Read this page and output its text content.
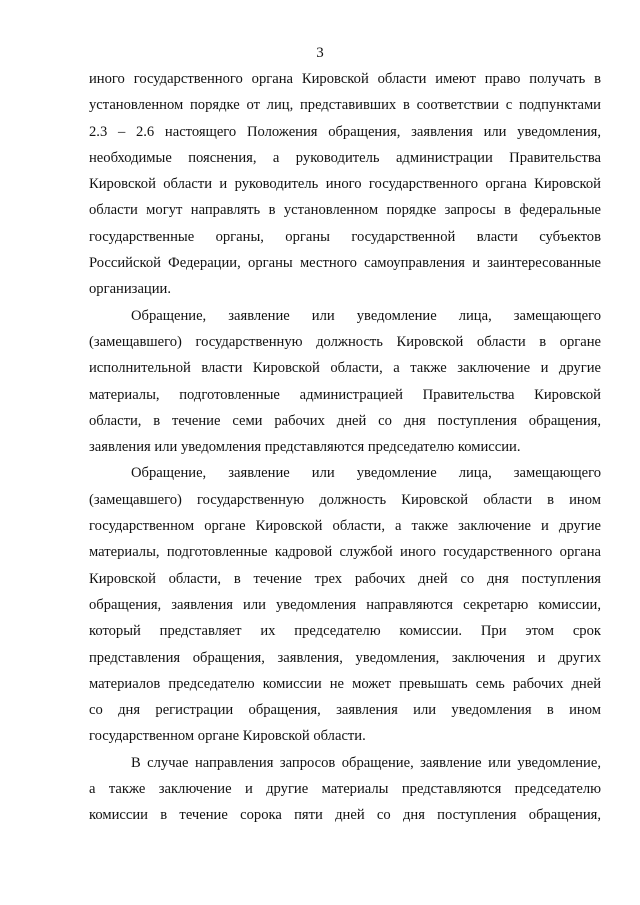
3

иного государственного органа Кировской области имеют право получать в
установленном порядке от лиц, представивших в соответствии с подпунктами
2.3 – 2.6 настоящего Положения обращения, заявления или уведомления,
необходимые пояснения, а руководитель администрации Правительства
Кировской области и руководитель иного государственного органа Кировской
области могут направлять в установленном порядке запросы в федеральные
государственные органы, органы государственной власти субъектов
Российской Федерации, органы местного самоуправления и заинтересованные
организации.

Обращение, заявление или уведомление лица, замещающего
(замещавшего) государственную должность Кировской области в органе
исполнительной власти Кировской области, а также заключение и другие
материалы, подготовленные администрацией Правительства Кировской
области, в течение семи рабочих дней со дня поступления обращения,
заявления или уведомления представляются председателю комиссии.

Обращение, заявление или уведомление лица, замещающего
(замещавшего) государственную должность Кировской области в ином
государственном органе Кировской области, а также заключение и другие
материалы, подготовленные кадровой службой иного государственного органа
Кировской области, в течение трех рабочих дней со дня поступления
обращения, заявления или уведомления направляются секретарю комиссии,
который представляет их председателю комиссии. При этом срок
представления обращения, заявления, уведомления, заключения и других
материалов председателю комиссии не может превышать семь рабочих дней
со дня регистрации обращения, заявления или уведомления в ином
государственном органе Кировской области.

В случае направления запросов обращение, заявление или уведомление,
а также заключение и другие материалы представляются председателю
комиссии в течение сорока пяти дней со дня поступления обращения,
